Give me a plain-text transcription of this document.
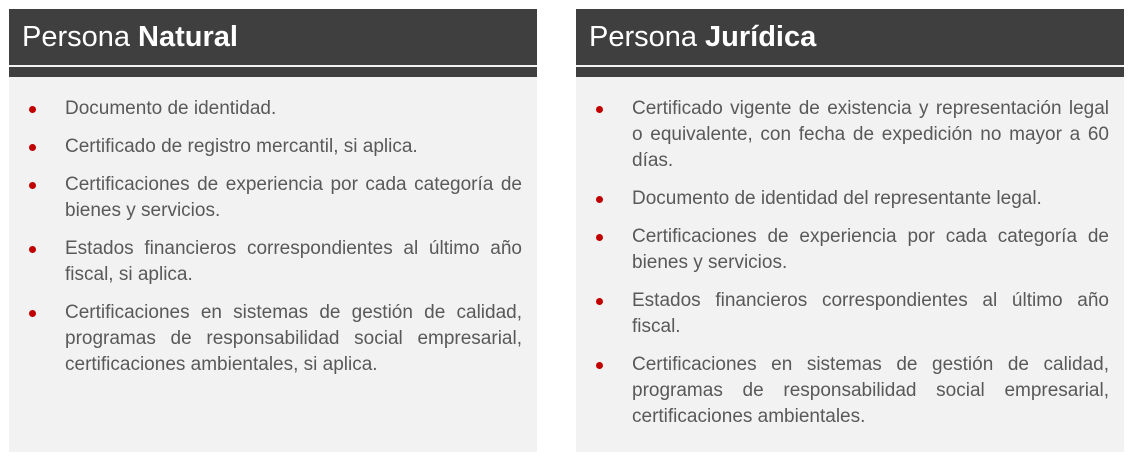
Persona Natural
Documento de identidad.
Certificado de registro mercantil, si aplica.
Certificaciones de experiencia por cada categoría de bienes y servicios.
Estados financieros correspondientes al último año fiscal, si aplica.
Certificaciones en sistemas de gestión de calidad, programas de responsabilidad social empresarial, certificaciones ambientales, si aplica.
Persona Jurídica
Certificado vigente de existencia y representación legal o equivalente, con fecha de expedición no mayor a 60 días.
Documento de identidad del representante legal.
Certificaciones de experiencia por cada categoría de bienes y servicios.
Estados financieros correspondientes al último año fiscal.
Certificaciones en sistemas de gestión de calidad, programas de responsabilidad social empresarial, certificaciones ambientales.
